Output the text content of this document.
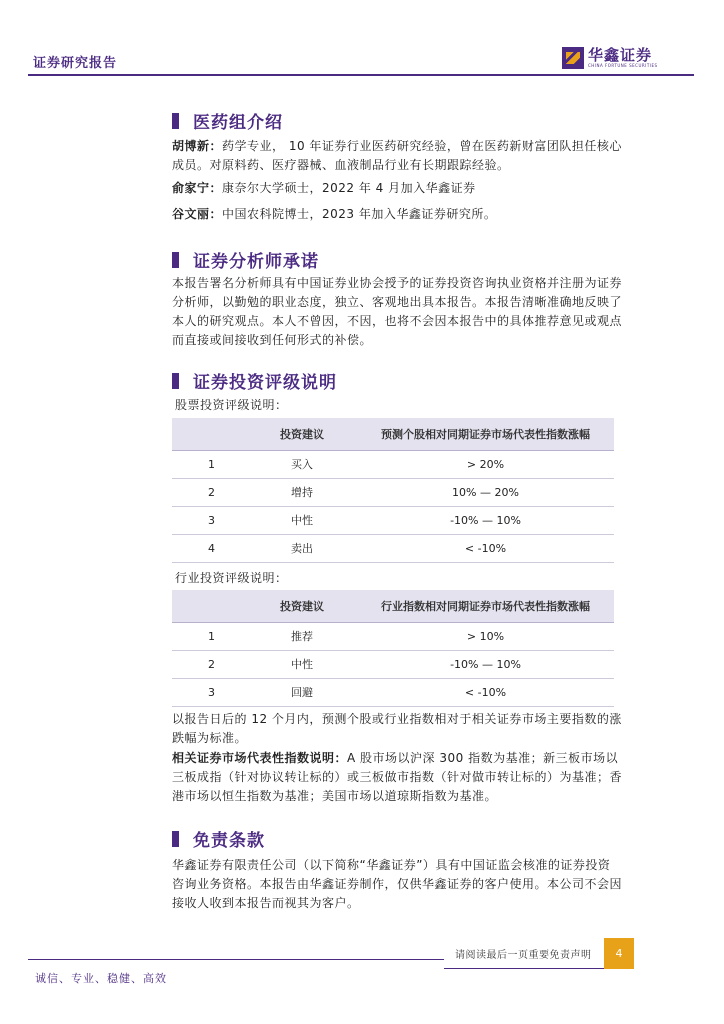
证券研究报告	华鑫证券
CHINA FORTUNE SECURITIES
医药组介绍
胡博新：药学专业， 10 年证券行业医药研究经验，曾在医药新财富团队担任核心成员。对原料药、医疗器械、血液制品行业有长期跟踪经验。
俞家宁：康奈尔大学硕士，2022 年 4 月加入华鑫证券
谷文丽：中国农科院博士，2023 年加入华鑫证券研究所。
证券分析师承诺
本报告署名分析师具有中国证券业协会授予的证券投资咨询执业资格并注册为证券分析师，以勤勉的职业态度，独立、客观地出具本报告。本报告清晰准确地反映了本人的研究观点。本人不曾因，不因，也将不会因本报告中的具体推荐意见或观点而直接或间接收到任何形式的补偿。
证券投资评级说明
股票投资评级说明：
	投资建议	预测个股相对同期证券市场代表性指数涨幅
1	买入	> 20%
2	增持	10% — 20%
3	中性	-10% — 10%
4	卖出	< -10%
行业投资评级说明：
	投资建议	行业指数相对同期证券市场代表性指数涨幅
1	推荐	> 10%
2	中性	-10% — 10%
3	回避	< -10%
以报告日后的 12 个月内，预测个股或行业指数相对于相关证券市场主要指数的涨跌幅为标准。
相关证券市场代表性指数说明：A 股市场以沪深 300 指数为基准；新三板市场以三板成指（针对协议转让标的）或三板做市指数（针对做市转让标的）为基准；香港市场以恒生指数为基准；美国市场以道琼斯指数为基准。
免责条款
华鑫证券有限责任公司（以下简称“华鑫证券”）具有中国证监会核准的证券投资咨询业务资格。本报告由华鑫证券制作，仅供华鑫证券的客户使用。本公司不会因接收人收到本报告而视其为客户。
请阅读最后一页重要免责声明	4
诚信、专业、稳健、高效
